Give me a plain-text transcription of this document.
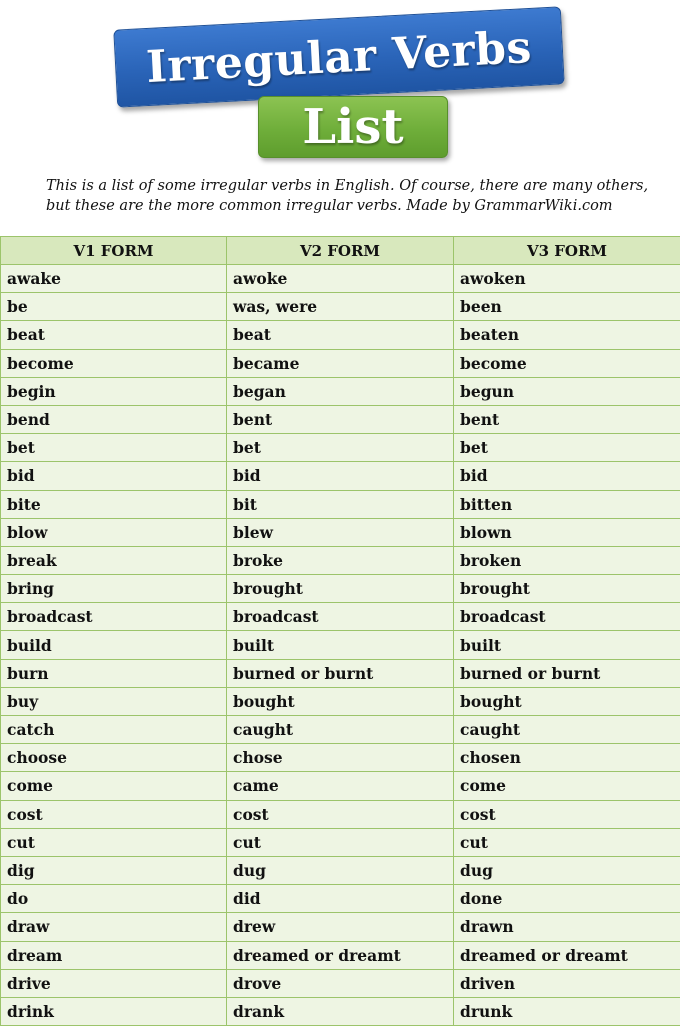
Irregular Verbs
List
This is a list of some irregular verbs in English. Of course, there are many others,
but these are the more common irregular verbs. Made by GrammarWiki.com
V1 FORM	V2 FORM	V3 FORM
awake	awoke	awoken
be	was, were	been
beat	beat	beaten
become	became	become
begin	began	begun
bend	bent	bent
bet	bet	bet
bid	bid	bid
bite	bit	bitten
blow	blew	blown
break	broke	broken
bring	brought	brought
broadcast	broadcast	broadcast
build	built	built
burn	burned or burnt	burned or burnt
buy	bought	bought
catch	caught	caught
choose	chose	chosen
come	came	come
cost	cost	cost
cut	cut	cut
dig	dug	dug
do	did	done
draw	drew	drawn
dream	dreamed or dreamt	dreamed or dreamt
drive	drove	driven
drink	drank	drunk
